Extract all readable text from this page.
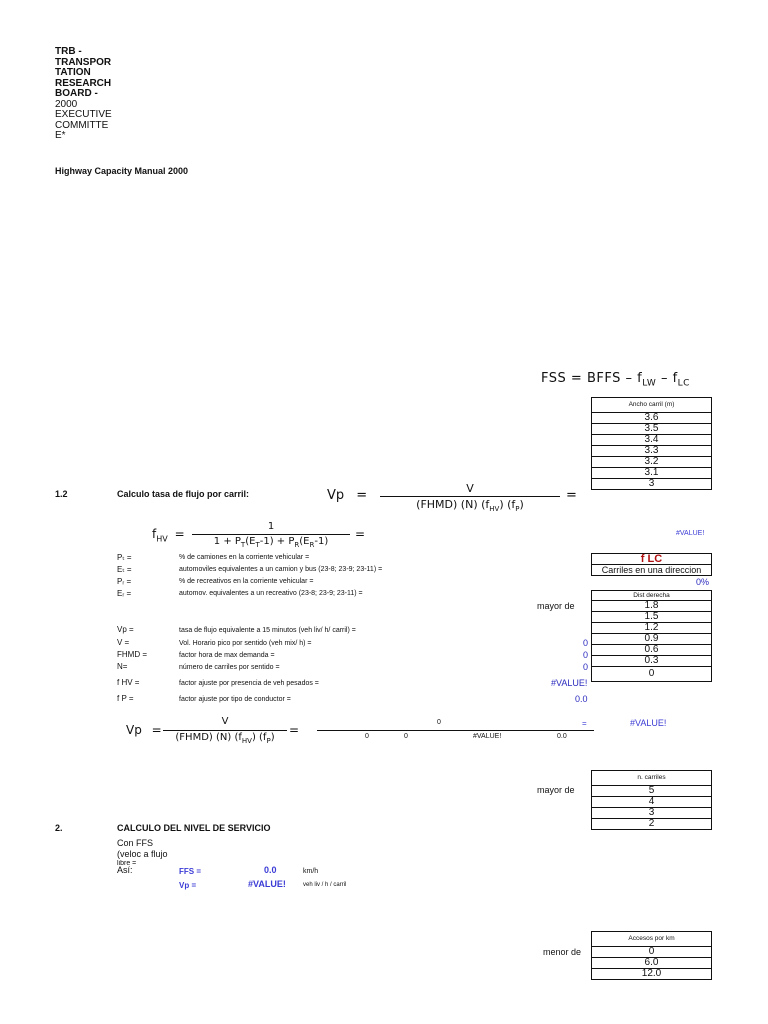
TRB -
TRANSPOR
TATION
RESEARCH
BOARD -
2000
EXECUTIVE
COMMITTE
E*
Highway Capacity Manual 2000
FSS = BFFS – $f_{LW} - f_{LC}$
Ancho carril (m)
3.6
3.5
3.4
3.3
3.2
3.1
3
1.2	Calculo tasa de flujo por carril:	Vp =	V
(FHMD) (N) $(f_{HV})$ $(f_P)$
=
$f_{HV}$ =
1
$1 + P_T(E_T-1) + P_R(E_R-1)$
=	#VALUE!
f LC
Carriles en una direccion
0%
Pₜ =	% de camiones en la corriente vehicular =
Eₜ =	automoviles equivalentes a un camion y bus (23-8; 23-9; 23-11) =
Pᵣ =	% de recreativos en la corriente vehicular =
Eᵣ =	automov. equivalentes a un recreativo (23-8; 23-9; 23-11) =
mayor de
Dist derecha
1.8
1.5
1.2
0.9
0.6
0.3
0
Vp =	tasa de flujo equivalente a 15 minutos (veh liv/ h/ carril) =
V =	Vol. Horario pico por sentido (veh mix/ h) =	0
FHMD =	factor hora de max demanda =	0
N=	número de carriles por sentido =	0
f HV =	factor ajuste por presencia de veh pesados =	#VALUE!
f P =	factor ajuste por tipo de conductor =	0.0
Vp =
V
(FHMD) (N) $(f_{HV})$ $(f_P)$
=
0
0	0	#VALUE!	0.0
=	#VALUE!
mayor de
n. carriles
5
4
3
2
2.	CALCULO DEL NIVEL DE SERVICIO
Con FFS
(veloc a flujo
libre =
Así:	FFS =	0.0	km/h
Vp =	#VALUE!	veh liv / h / carril
menor de
Accesos por km
0
6.0
12.0
